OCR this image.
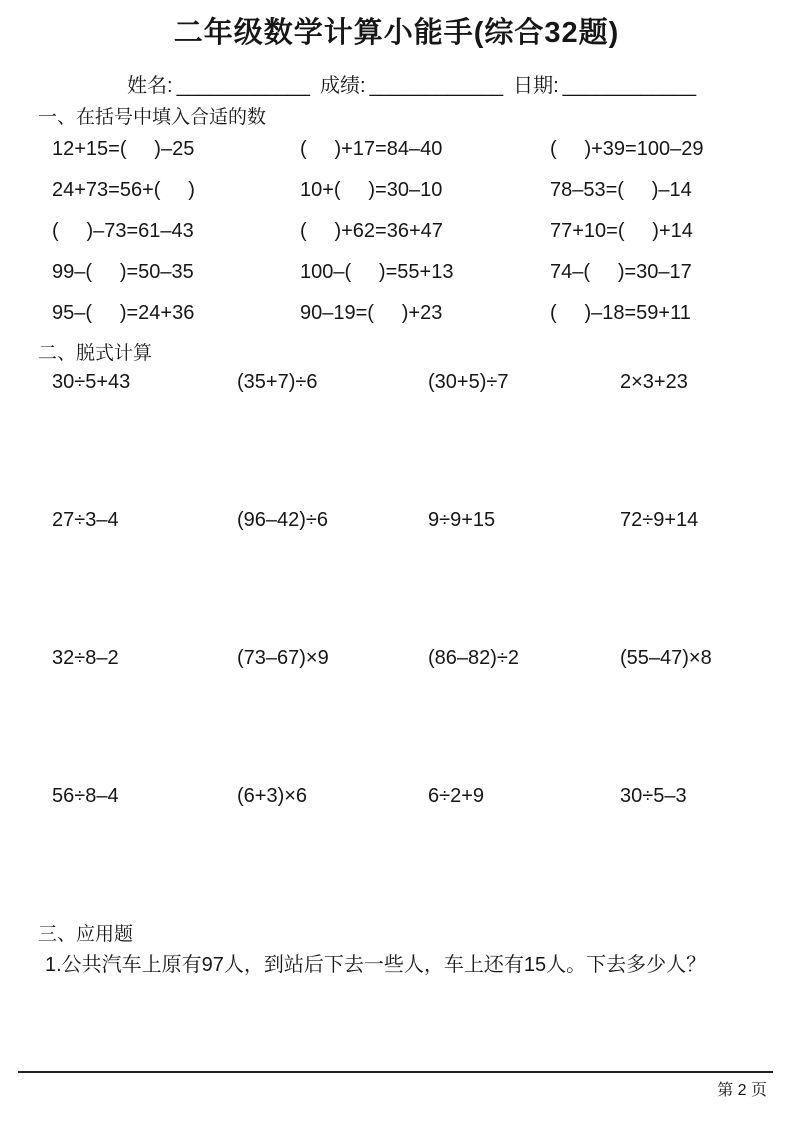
二年级数学计算小能手(综合32题)
姓名: ____________ 成绩: ____________ 日期: ____________
一、在括号中填入合适的数
12+15=(     )–25	(     )+17=84–40	(     )+39=100–29
24+73=56+(     )	10+(     )=30–10	78–53=(     )–14
(     )–73=61–43	(     )+62=36+47	77+10=(     )+14
99–(     )=50–35	100–(     )=55+13	74–(     )=30–17
95–(     )=24+36	90–19=(     )+23	(     )–18=59+11
二、脱式计算
30÷5+43	(35+7)÷6	(30+5)÷7	2×3+23
27÷3–4	(96–42)÷6	9÷9+15	72÷9+14
32÷8–2	(73–67)×9	(86–82)÷2	(55–47)×8
56÷8–4	(6+3)×6	6÷2+9	30÷5–3
三、应用题
1.公共汽车上原有97人，到站后下去一些人，车上还有15人。下去多少人？
第 2 页
